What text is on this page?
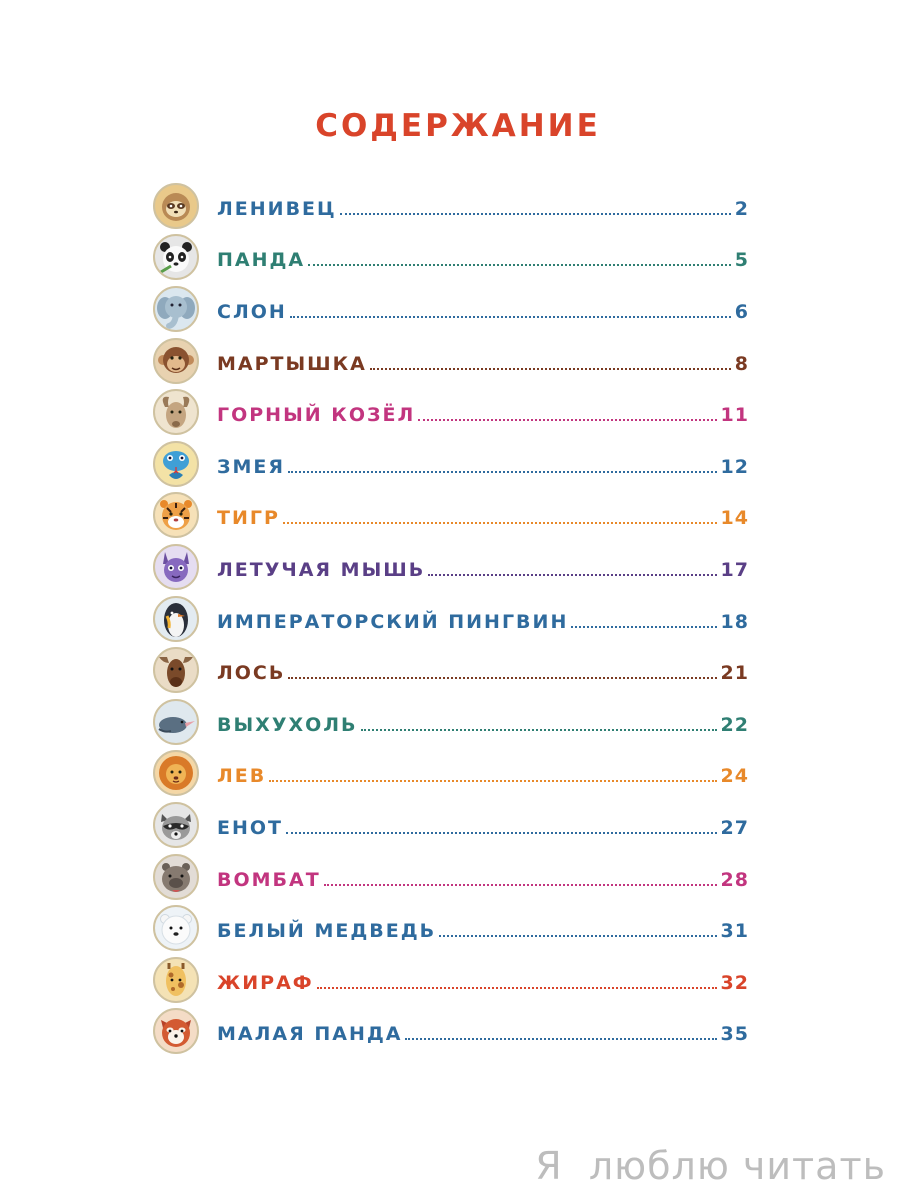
СОДЕРЖАНИЕ
ЛЕНИВЕЦ	2
ПАНДА	5
СЛОН	6
МАРТЫШКА	8
ГОРНЫЙ КОЗЁЛ	11
ЗМЕЯ	12
ТИГР	14
ЛЕТУЧАЯ МЫШЬ	17
ИМПЕРАТОРСКИЙ ПИНГВИН	18
ЛОСЬ	21
ВЫХУХОЛЬ	22
ЛЕВ	24
ЕНОТ	27
ВОМБАТ	28
БЕЛЫЙ МЕДВЕДЬ	31
ЖИРАФ	32
МАЛАЯ ПАНДА	35
Я  люблю читать
